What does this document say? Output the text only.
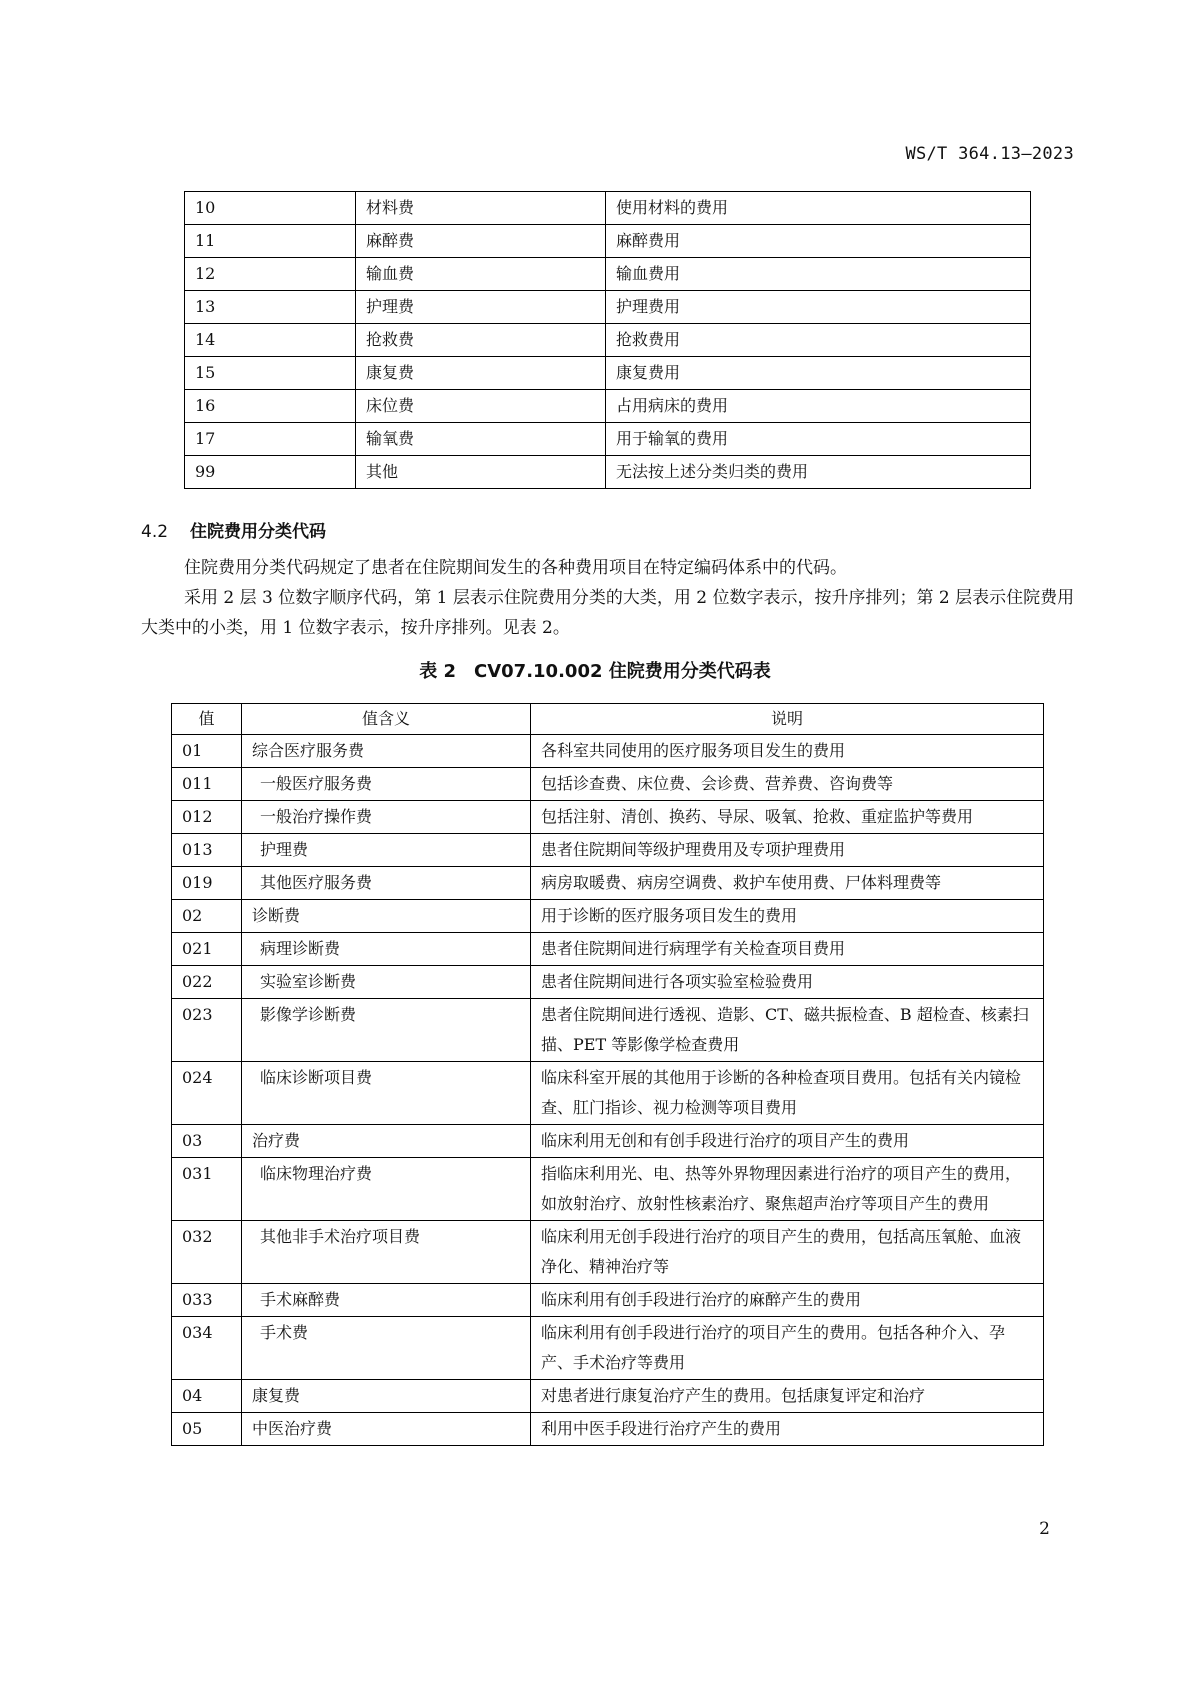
WS/T 364.13—2023
10	材料费	使用材料的费用
11	麻醉费	麻醉费用
12	输血费	输血费用
13	护理费	护理费用
14	抢救费	抢救费用
15	康复费	康复费用
16	床位费	占用病床的费用
17	输氧费	用于输氧的费用
99	其他	无法按上述分类归类的费用
4.2 住院费用分类代码
住院费用分类代码规定了患者在住院期间发生的各种费用项目在特定编码体系中的代码。
采用 2 层 3 位数字顺序代码，第 1 层表示住院费用分类的大类，用 2 位数字表示，按升序排列；第 2 层表示住院费用大类中的小类，用 1 位数字表示，按升序排列。见表 2。
表 2　CV07.10.002 住院费用分类代码表
值	值含义	说明
01	综合医疗服务费	各科室共同使用的医疗服务项目发生的费用
011	一般医疗服务费	包括诊查费、床位费、会诊费、营养费、咨询费等
012	一般治疗操作费	包括注射、清创、换药、导尿、吸氧、抢救、重症监护等费用
013	护理费	患者住院期间等级护理费用及专项护理费用
019	其他医疗服务费	病房取暖费、病房空调费、救护车使用费、尸体料理费等
02	诊断费	用于诊断的医疗服务项目发生的费用
021	病理诊断费	患者住院期间进行病理学有关检查项目费用
022	实验室诊断费	患者住院期间进行各项实验室检验费用
023	影像学诊断费	患者住院期间进行透视、造影、CT、磁共振检查、B 超检查、核素扫描、PET 等影像学检查费用
024	临床诊断项目费	临床科室开展的其他用于诊断的各种检查项目费用。包括有关内镜检查、肛门指诊、视力检测等项目费用
03	治疗费	临床利用无创和有创手段进行治疗的项目产生的费用
031	临床物理治疗费	指临床利用光、电、热等外界物理因素进行治疗的项目产生的费用，如放射治疗、放射性核素治疗、聚焦超声治疗等项目产生的费用
032	其他非手术治疗项目费	临床利用无创手段进行治疗的项目产生的费用，包括高压氧舱、血液净化、精神治疗等
033	手术麻醉费	临床利用有创手段进行治疗的麻醉产生的费用
034	手术费	临床利用有创手段进行治疗的项目产生的费用。包括各种介入、孕产、手术治疗等费用
04	康复费	对患者进行康复治疗产生的费用。包括康复评定和治疗
05	中医治疗费	利用中医手段进行治疗产生的费用
2
